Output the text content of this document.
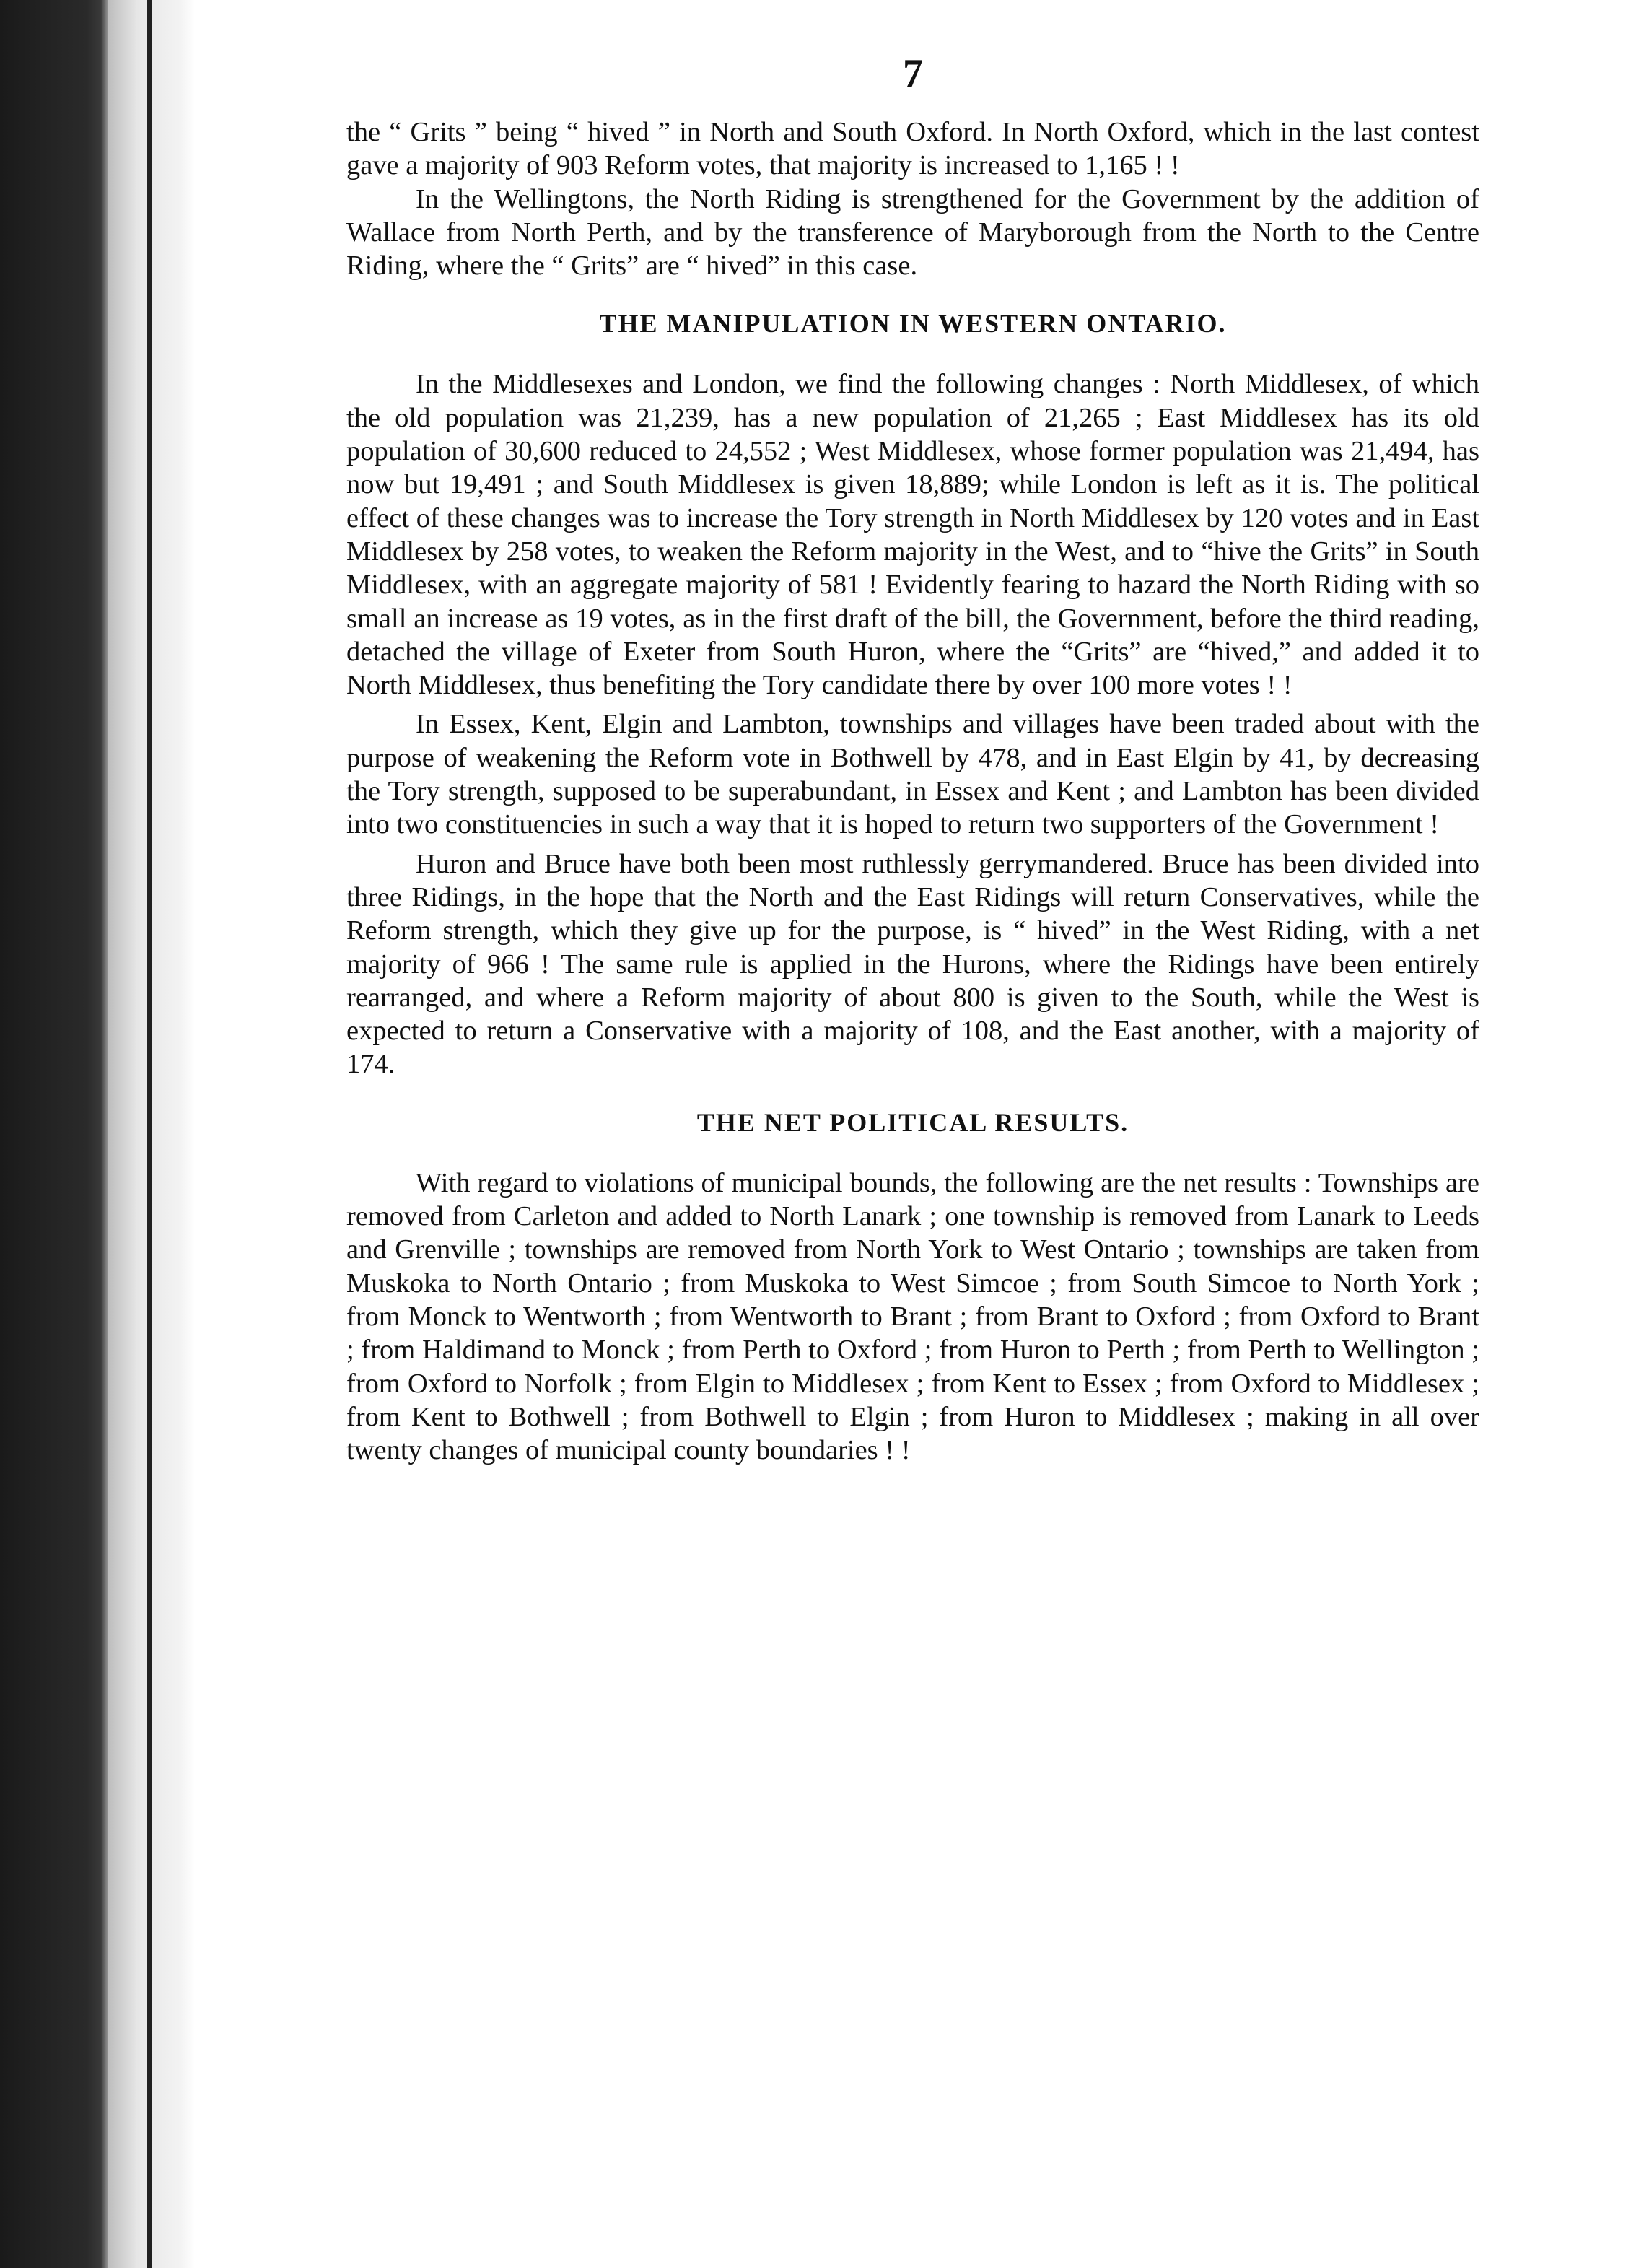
7

the “ Grits ” being “ hived ” in North and South Oxford. In North Oxford, which in the last contest gave a majority of 903 Reform votes, that majority is increased to 1,165 ! !

In the Wellingtons, the North Riding is strengthened for the Government by the addition of Wallace from North Perth, and by the transference of Maryborough from the North to the Centre Riding, where the “ Grits” are “ hived” in this case.

THE MANIPULATION IN WESTERN ONTARIO.

In the Middlesexes and London, we find the following changes : North Middlesex, of which the old population was 21,239, has a new population of 21,265 ; East Middlesex has its old population of 30,600 reduced to 24,552 ; West Middlesex, whose former population was 21,494, has now but 19,491 ; and South Middlesex is given 18,889; while London is left as it is. The political effect of these changes was to increase the Tory strength in North Middlesex by 120 votes and in East Middlesex by 258 votes, to weaken the Reform majority in the West, and to “hive the Grits” in South Middlesex, with an aggregate majority of 581 ! Evidently fearing to hazard the North Riding with so small an increase as 19 votes, as in the first draft of the bill, the Government, before the third reading, detached the village of Exeter from South Huron, where the “Grits” are “hived,” and added it to North Middlesex, thus benefiting the Tory candidate there by over 100 more votes ! !

In Essex, Kent, Elgin and Lambton, townships and villages have been traded about with the purpose of weakening the Reform vote in Bothwell by 478, and in East Elgin by 41, by decreasing the Tory strength, supposed to be superabundant, in Essex and Kent ; and Lambton has been divided into two constituencies in such a way that it is hoped to return two supporters of the Government !

Huron and Bruce have both been most ruthlessly gerrymandered. Bruce has been divided into three Ridings, in the hope that the North and the East Ridings will return Conservatives, while the Reform strength, which they give up for the purpose, is “ hived” in the West Riding, with a net majority of 966 ! The same rule is applied in the Hurons, where the Ridings have been entirely rearranged, and where a Reform majority of about 800 is given to the South, while the West is expected to return a Conservative with a majority of 108, and the East another, with a majority of 174.

THE NET POLITICAL RESULTS.

With regard to violations of municipal bounds, the following are the net results : Townships are removed from Carleton and added to North Lanark ; one township is removed from Lanark to Leeds and Grenville ; townships are removed from North York to West Ontario ; townships are taken from Muskoka to North Ontario ; from Muskoka to West Simcoe ; from South Simcoe to North York ; from Monck to Wentworth ; from Wentworth to Brant ; from Brant to Oxford ; from Oxford to Brant ; from Haldimand to Monck ; from Perth to Oxford ; from Huron to Perth ; from Perth to Wellington ; from Oxford to Norfolk ; from Elgin to Middlesex ; from Kent to Essex ; from Oxford to Middlesex ; from Kent to Bothwell ; from Bothwell to Elgin ; from Huron to Middlesex ; making in all over twenty changes of municipal county boundaries ! !
